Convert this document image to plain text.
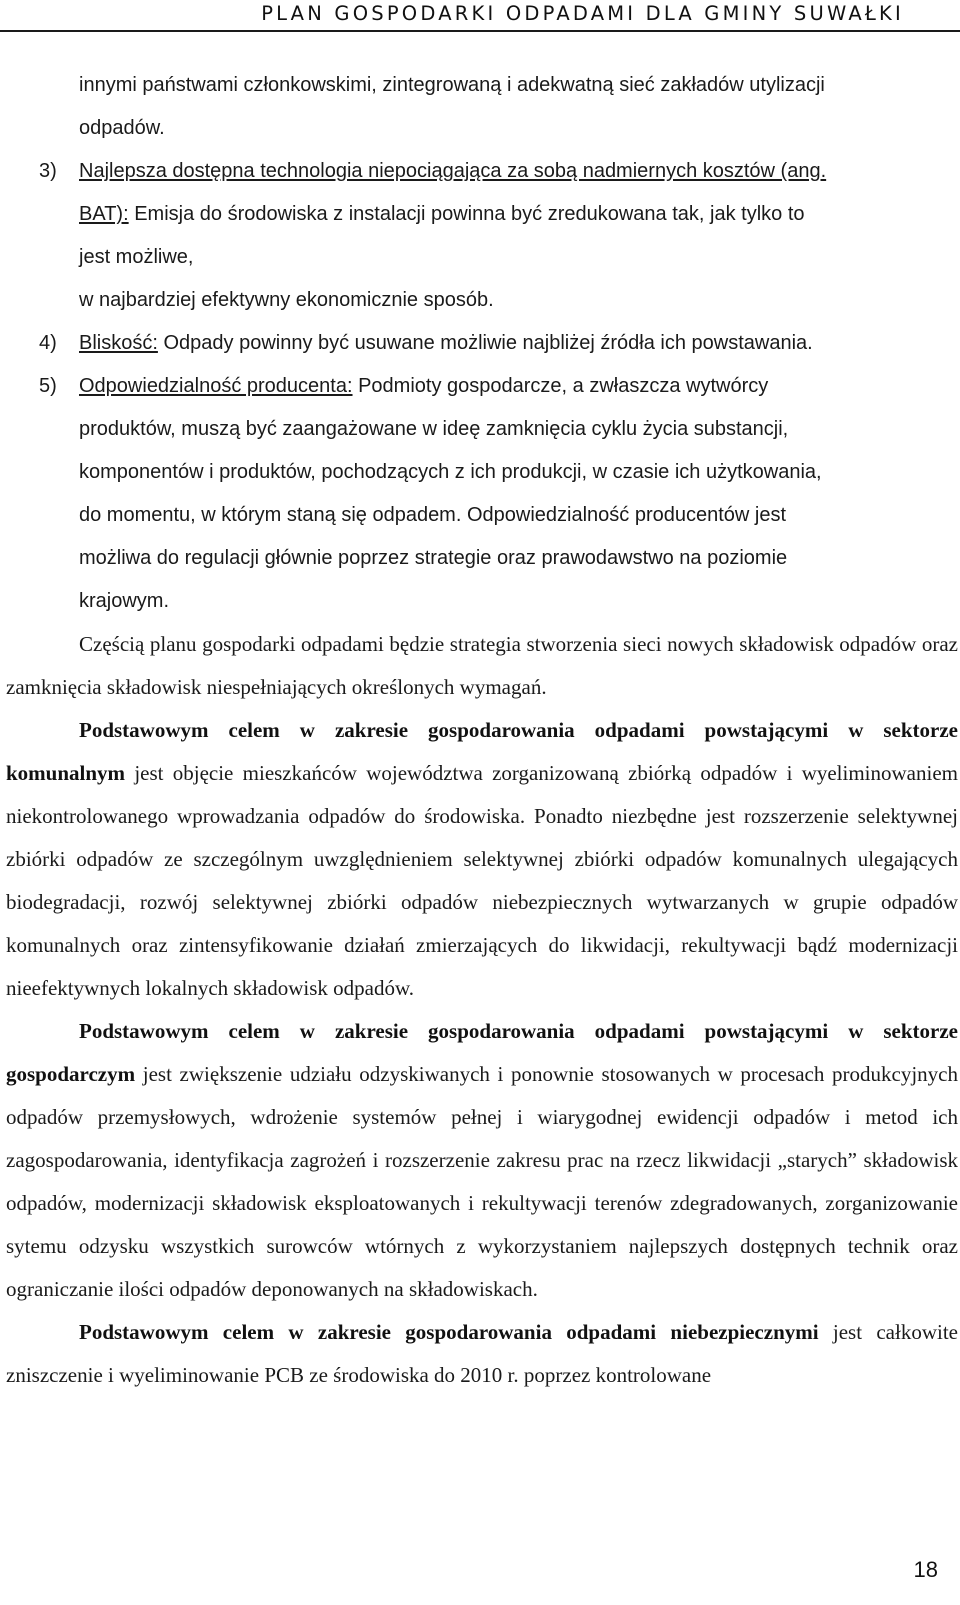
PLAN GOSPODARKI ODPADAMI DLA GMINY SUWAŁKI
innymi państwami członkowskimi, zintegrowaną i adekwatną sieć zakładów utylizacji
odpadów.
3) Najlepsza dostępna technologia niepociągająca za sobą nadmiernych kosztów (ang.
BAT): Emisja do środowiska z instalacji powinna być zredukowana tak, jak tylko to
jest możliwe,
w najbardziej efektywny ekonomicznie sposób.
4) Bliskość: Odpady powinny być usuwane możliwie najbliżej źródła ich powstawania.
5) Odpowiedzialność producenta: Podmioty gospodarcze, a zwłaszcza wytwórcy
produktów, muszą być zaangażowane w ideę zamknięcia cyklu życia substancji,
komponentów i produktów, pochodzących z ich produkcji, w czasie ich użytkowania,
do momentu, w którym staną się odpadem. Odpowiedzialność producentów jest
możliwa do regulacji głównie poprzez strategie oraz prawodawstwo na poziomie
krajowym.

Częścią planu gospodarki odpadami będzie strategia stworzenia sieci nowych składowisk odpadów oraz zamknięcia składowisk niespełniających określonych wymagań.

Podstawowym celem w zakresie gospodarowania odpadami powstającymi w sektorze komunalnym jest objęcie mieszkańców województwa zorganizowaną zbiórką odpadów i wyeliminowaniem niekontrolowanego wprowadzania odpadów do środowiska. Ponadto niezbędne jest rozszerzenie selektywnej zbiórki odpadów ze szczególnym uwzględnieniem selektywnej zbiórki odpadów komunalnych ulegających biodegradacji, rozwój selektywnej zbiórki odpadów niebezpiecznych wytwarzanych w grupie odpadów komunalnych oraz zintensyfikowanie działań zmierzających do likwidacji, rekultywacji bądź modernizacji nieefektywnych lokalnych składowisk odpadów.

Podstawowym celem w zakresie gospodarowania odpadami powstającymi w sektorze gospodarczym jest zwiększenie udziału odzyskiwanych i ponownie stosowanych w procesach produkcyjnych odpadów przemysłowych, wdrożenie systemów pełnej i wiarygodnej ewidencji odpadów i metod ich zagospodarowania, identyfikacja zagrożeń i rozszerzenie zakresu prac na rzecz likwidacji „starych” składowisk odpadów, modernizacji składowisk eksploatowanych i rekultywacji terenów zdegradowanych, zorganizowanie sytemu odzysku wszystkich surowców wtórnych z wykorzystaniem najlepszych dostępnych technik oraz ograniczanie ilości odpadów deponowanych na składowiskach.

Podstawowym celem w zakresie gospodarowania odpadami niebezpiecznymi jest całkowite zniszczenie i wyeliminowanie PCB ze środowiska do 2010 r. poprzez kontrolowane

18
